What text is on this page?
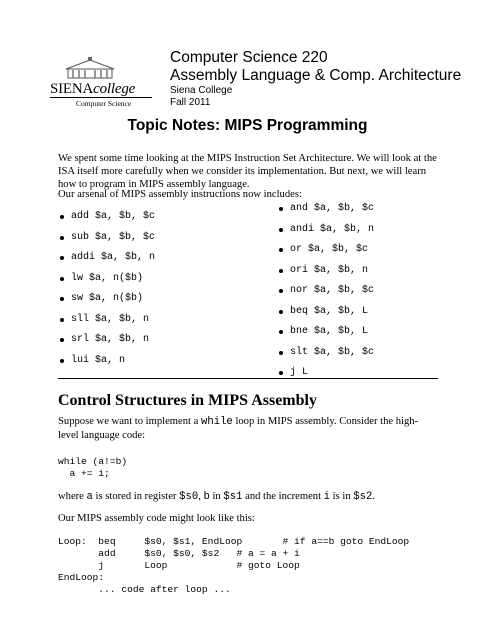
SIENAcollege
Computer Science
Computer Science 220
Assembly Language & Comp. Architecture
Siena College
Fall 2011
Topic Notes: MIPS Programming
We spent some time looking at the MIPS Instruction Set Architecture. We will look at the ISA itself more carefully when we consider its implementation. But next, we will learn how to program in MIPS assembly language.
Our arsenal of MIPS assembly instructions now includes:
add $a, $b, $c
sub $a, $b, $c
addi $a, $b, n
lw $a, n($b)
sw $a, n($b)
sll $a, $b, n
srl $a, $b, n
lui $a, n
and $a, $b, $c
andi $a, $b, n
or $a, $b, $c
ori $a, $b, n
nor $a, $b, $c
beq $a, $b, L
bne $a, $b, L
slt $a, $b, $c
j L
Control Structures in MIPS Assembly
Suppose we want to implement a while loop in MIPS assembly. Consider the high-level language code:
while (a!=b)
a += i;
where a is stored in register $s0, b in $s1 and the increment i is in $s2.
Our MIPS assembly code might look like this:
Loop:  beq     $s0, $s1, EndLoop       # if a==b goto EndLoop
add     $s0, $s0, $s2   # a = a + i
j       Loop            # goto Loop
EndLoop:
... code after loop ...
